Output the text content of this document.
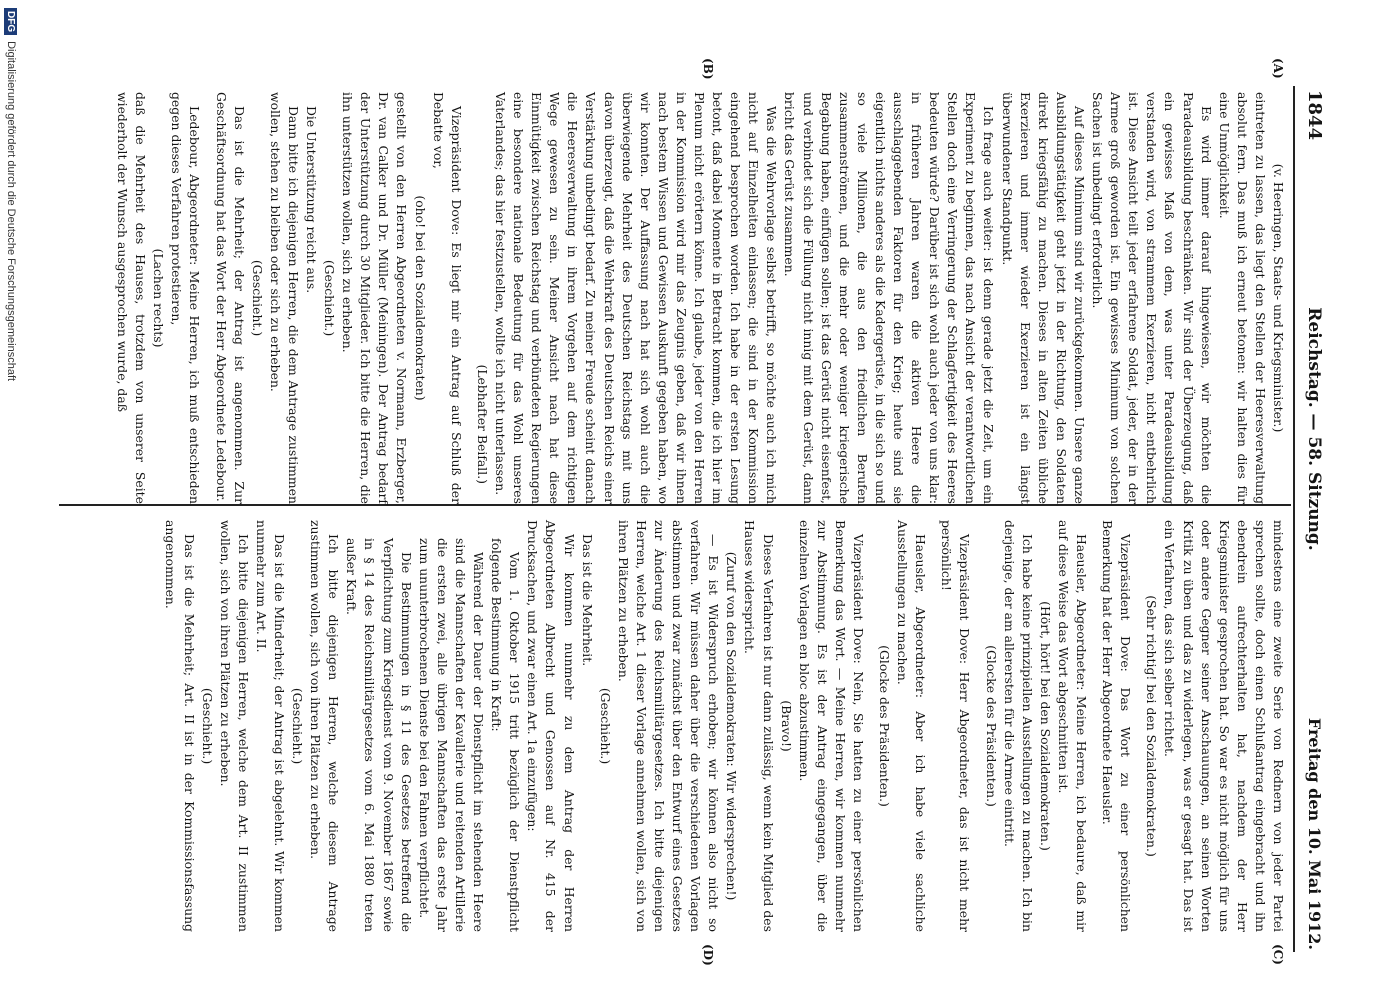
1844
Reichstag. — 58. Sitzung.
Freitag den 10. Mai 1912.
(A)
(B)
(C)
(D)

(v. Heeringen, Staats- und Kriegsminister.)

eintreten zu lassen, das liegt den Stellen der Heeresverwaltung absolut fern. Das muß ich erneut betonen: wir halten dies für eine Unmöglichkeit.

Es wird immer darauf hingewiesen, wir möchten die Paradeausbildung beschränken. Wir sind der Überzeugung, daß ein gewisses Maß von dem, was unter Paradeausbildung verstanden wird, von strammem Exerzieren, nicht entbehrlich ist. Diese Ansicht teilt jeder erfahrene Soldat, jeder, der in der Armee groß geworden ist. Ein gewisses Minimum von solchen Sachen ist unbedingt erforderlich.

Auf dieses Minimum sind wir zurückgekommen. Unsere ganze Ausbildungstätigkeit geht jetzt in der Richtung, den Soldaten direkt kriegsfähig zu machen. Dieses in alten Zeiten übliche Exerzieren und immer wieder Exerzieren ist ein längst überwundener Standpunkt.

Ich frage auch weiter: ist denn gerade jetzt die Zeit, um ein Experiment zu beginnen, das nach Ansicht der verantwortlichen Stellen doch eine Verringerung der Schlagfertigkeit des Heeres bedeuten würde? Darüber ist sich wohl auch jeder von uns klar: in früheren Jahren waren die aktiven Heere die ausschlaggebenden Faktoren für den Krieg; heute sind sie eigentlich nichts anderes als die Kadergerüste, in die sich so und so viele Millionen, die aus den friedlichen Berufen zusammenströmen, und die mehr oder weniger kriegerische Begabung haben, einfügen sollen; ist das Gerüst nicht eisenfest, und verbindet sich die Füllung nicht innig mit dem Gerüst, dann bricht das Gerüst zusammen.

Was die Wehrvorlage selbst betrifft, so möchte auch ich mich nicht auf Einzelheiten einlassen; die sind in der Kommission eingehend besprochen worden. Ich habe in der ersten Lesung betont, daß dabei Momente in Betracht kommen, die ich hier im Plenum nicht erörtern könne. Ich glaube, jeder von den Herren in der Kommission wird mir das Zeugnis geben, daß wir ihnen nach bestem Wissen und Gewissen Auskunft gegeben haben, wo wir konnten. Der Auffassung nach hat sich wohl auch die überwiegende Mehrheit des Deutschen Reichstags mit uns davon überzeugt, daß die Wehrkraft des Deutschen Reichs einer Verstärkung unbedingt bedarf. Zu meiner Freude scheint danach die Heeresverwaltung in ihrem Vorgehen auf dem richtigen Wege gewesen zu sein. Meiner Ansicht nach hat diese Einmütigkeit zwischen Reichstag und verbündeten Regierungen eine besondere nationale Bedeutung für das Wohl unseres Vaterlandes; das hier festzustellen, wollte ich nicht unterlassen.

(Lebhafter Beifall.)

Vizepräsident Dove: Es liegt mir ein Antrag auf Schluß der Debatte vor,

(oho! bei den Sozialdemokraten)

gestellt von den Herren Abgeordneten v. Normann, Erzberger, Dr. van Calker und Dr. Müller (Meiningen). Der Antrag bedarf der Unterstützung durch 30 Mitglieder. Ich bitte die Herren, die ihn unterstützen wollen, sich zu erheben.

(Geschieht.)

Die Unterstützung reicht aus.

Dann bitte ich diejenigen Herren, die dem Antrage zustimmen wollen, stehen zu bleiben oder sich zu erheben.

(Geschieht.)

Das ist die Mehrheit; der Antrag ist angenommen. Zur Geschäftsordnung hat das Wort der Herr Abgeordnete Ledebour.

Ledebour, Abgeordneter: Meine Herren, ich muß entschieden gegen dieses Verfahren protestieren,

(Lachen rechts)

daß die Mehrheit des Hauses, trotzdem von unserer Seite wiederholt der Wunsch ausgesprochen wurde, daß

mindestens eine zweite Serie von Rednern von jeder Partei sprechen sollte, doch einen Schlußantrag eingebracht und ihn ebendrein aufrechterhalten hat, nachdem der Herr Kriegsminister gesprochen hat. So war es nicht möglich für uns oder andere Gegner seiner Anschauungen, an seinen Worten Kritik zu üben und das zu widerlegen, was er gesagt hat. Das ist ein Verfahren, das sich selber richtet.

(Sehr richtig! bei den Sozialdemokraten.)

Vizepräsident Dove: Das Wort zu einer persönlichen Bemerkung hat der Herr Abgeordnete Haeusler.

Haeusler, Abgeordneter: Meine Herren, ich bedaure, daß mir auf diese Weise das Wort abgeschnitten ist.

(Hört, hört! bei den Sozialdemokraten.)

Ich habe keine prinzipiellen Ausstellungen zu machen. Ich bin derjenige, der am allerersten für die Armee eintritt.

(Glocke des Präsidenten.)

Vizepräsident Dove: Herr Abgeordneter, das ist nicht mehr persönlich!

Haeusler, Abgeordneter: Aber ich habe viele sachliche Ausstellungen zu machen.

(Glocke des Präsidenten.)

Vizepräsident Dove: Nein, Sie hatten zu einer persönlichen Bemerkung das Wort. — Meine Herren, wir kommen nunmehr zur Abstimmung. Es ist der Antrag eingegangen, über die einzelnen Vorlagen en bloc abzustimmen.

(Bravo!)

Dieses Verfahren ist nur dann zulässig, wenn kein Mitglied des Hauses widerspricht.

(Zuruf von den Sozialdemokraten: Wir widersprechen!)

— Es ist Widerspruch erhoben; wir können also nicht so verfahren. Wir müssen daher über die verschiedenen Vorlagen abstimmen und zwar zunächst über den Entwurf eines Gesetzes zur Änderung des Reichsmilitärgesetzes. Ich bitte diejenigen Herren, welche Art. 1 dieser Vorlage annehmen wollen, sich von ihren Plätzen zu erheben.

(Geschieht.)

Das ist die Mehrheit.

Wir kommen nunmehr zu dem Antrag der Herren Abgeordneten Albrecht und Genossen auf Nr. 415 der Drucksachen, und zwar einen Art. 1a einzufügen:

Vom 1. Oktober 1915 tritt bezüglich der Dienstpflicht folgende Bestimmung in Kraft:

Während der Dauer der Dienstpflicht im stehenden Heere sind die Mannschaften der Kavallerie und reitenden Artillerie die ersten zwei, alle übrigen Mannschaften das erste Jahr zum ununterbrochenen Dienste bei den Fahnen verpflichtet.

Die Bestimmungen in § 11 des Gesetzes betreffend die Verpflichtung zum Kriegsdienst vom 9. November 1867 sowie in § 14 des Reichsmilitärgesetzes vom 6. Mai 1880 treten außer Kraft.

Ich bitte diejenigen Herren, welche diesem Antrage zustimmen wollen, sich von ihren Plätzen zu erheben.

(Geschieht.)

Das ist die Minderheit; der Antrag ist abgelehnt. Wir kommen nunmehr zum Art. II.

Ich bitte diejenigen Herren, welche dem Art. II zustimmen wollen, sich von ihren Plätzen zu erheben.

(Geschieht.)

Das ist die Mehrheit; Art. II ist in der Kommissionsfassung angenommen.

DFG
Digitalisierung gefördert durch die Deutsche Forschungsgemeinschaft
